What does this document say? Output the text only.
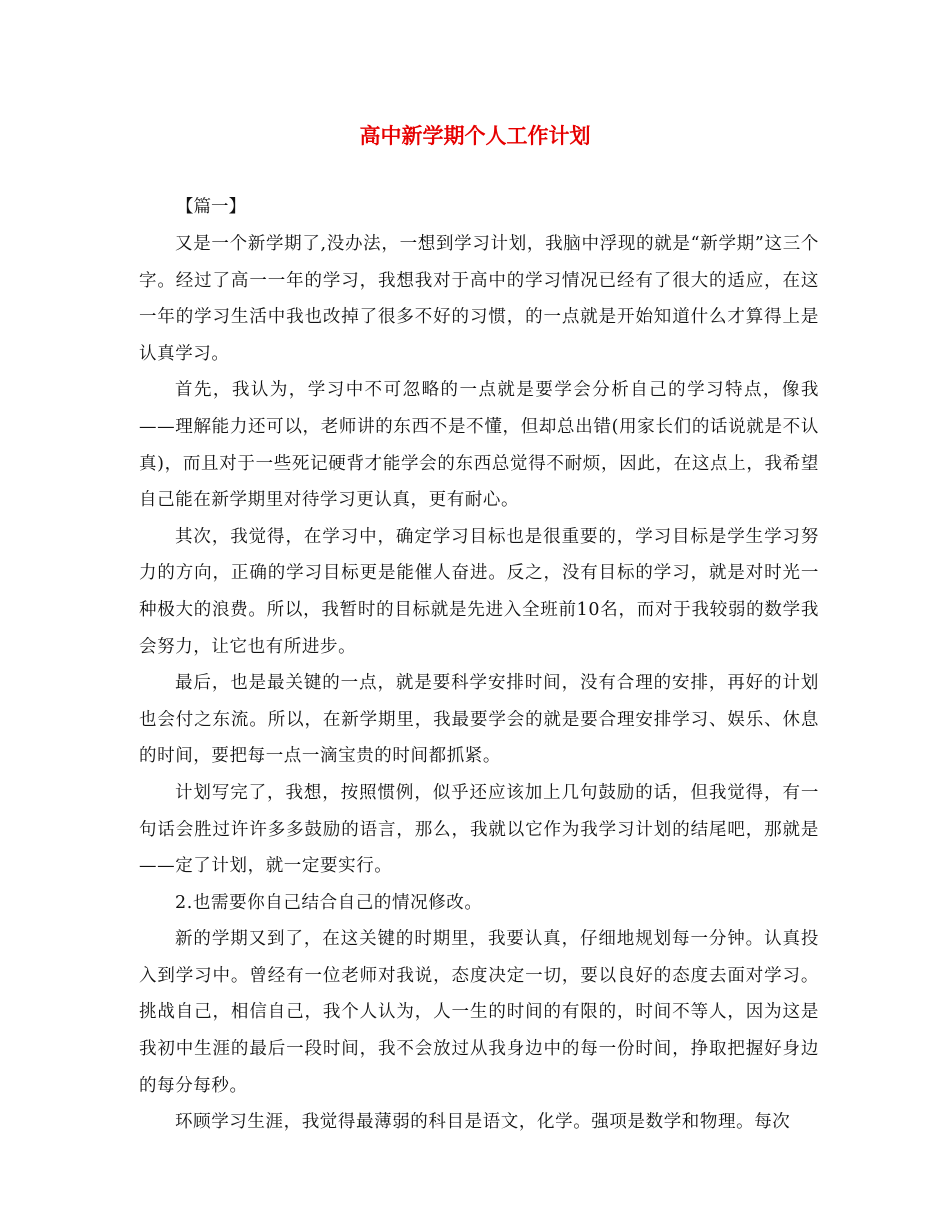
高中新学期个人工作计划
【篇一】

又是一个新学期了,没办法，一想到学习计划，我脑中浮现的就是“新学期”这三个字。经过了高一一年的学习，我想我对于高中的学习情况已经有了很大的适应，在这一年的学习生活中我也改掉了很多不好的习惯，的一点就是开始知道什么才算得上是认真学习。

首先，我认为，学习中不可忽略的一点就是要学会分析自己的学习特点，像我——理解能力还可以，老师讲的东西不是不懂，但却总出错(用家长们的话说就是不认真)，而且对于一些死记硬背才能学会的东西总觉得不耐烦，因此，在这点上，我希望自己能在新学期里对待学习更认真，更有耐心。

其次，我觉得，在学习中，确定学习目标也是很重要的，学习目标是学生学习努力的方向，正确的学习目标更是能催人奋进。反之，没有目标的学习，就是对时光一种极大的浪费。所以，我暂时的目标就是先进入全班前10名，而对于我较弱的数学我会努力，让它也有所进步。

最后，也是最关键的一点，就是要科学安排时间，没有合理的安排，再好的计划也会付之东流。所以，在新学期里，我最要学会的就是要合理安排学习、娱乐、休息的时间，要把每一点一滴宝贵的时间都抓紧。

计划写完了，我想，按照惯例，似乎还应该加上几句鼓励的话，但我觉得，有一句话会胜过许许多多鼓励的语言，那么，我就以它作为我学习计划的结尾吧，那就是——定了计划，就一定要实行。

2.也需要你自己结合自己的情况修改。

新的学期又到了，在这关键的时期里，我要认真，仔细地规划每一分钟。认真投入到学习中。曾经有一位老师对我说，态度决定一切，要以良好的态度去面对学习。挑战自己，相信自己，我个人认为，人一生的时间的有限的，时间不等人，因为这是我初中生涯的最后一段时间，我不会放过从我身边中的每一份时间，挣取把握好身边的每分每秒。

环顾学习生涯，我觉得最薄弱的科目是语文，化学。强项是数学和物理。每次
